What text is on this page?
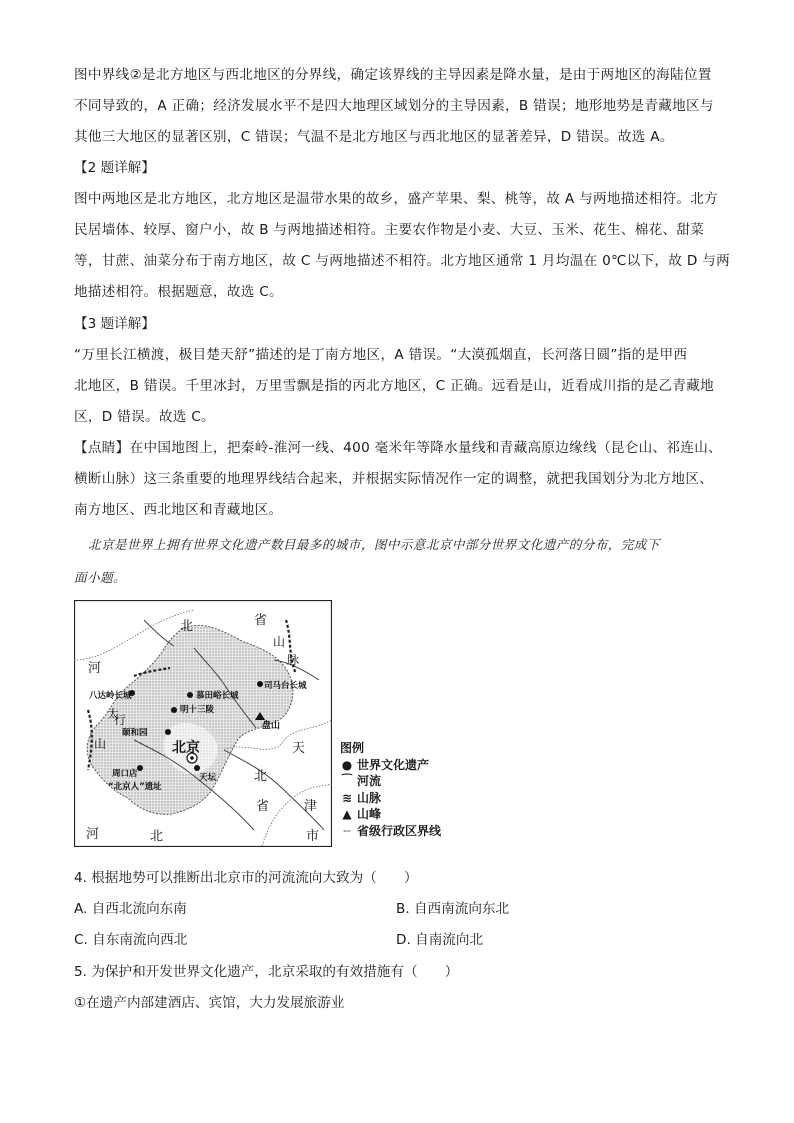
图中界线②是北方地区与西北地区的分界线，确定该界线的主导因素是降水量，是由于两地区的海陆位置
不同导致的，A 正确；经济发展水平不是四大地理区域划分的主导因素，B 错误；地形地势是青藏地区与
其他三大地区的显著区别，C 错误；气温不是北方地区与西北地区的显著差异，D 错误。故选 A。
【2 题详解】
图中两地区是北方地区，北方地区是温带水果的故乡，盛产苹果、梨、桃等，故 A 与两地描述相符。北方
民居墙体、较厚、窗户小，故 B 与两地描述相符。主要农作物是小麦、大豆、玉米、花生、棉花、甜菜
等，甘蔗、油菜分布于南方地区，故 C 与两地描述不相符。北方地区通常 1 月均温在 0℃以下，故 D 与两
地描述相符。根据题意，故选 C。
【3 题详解】
“万里长江横渡，极目楚天舒”描述的是丁南方地区，A 错误。“大漠孤烟直，长河落日圆”指的是甲西
北地区，B 错误。千里冰封，万里雪飘是指的丙北方地区，C 正确。远看是山，近看成川指的是乙青藏地
区，D 错误。故选 C。
【点睛】在中国地图上，把秦岭-淮河一线、400 毫米年等降水量线和青藏高原边缘线（昆仑山、祁连山、
横断山脉）这三条重要的地理界线结合起来，并根据实际情况作一定的调整，就把我国划分为北方地区、
南方地区、西北地区和青藏地区。
北京是世界上拥有世界文化遗产数目最多的城市，图中示意北京中部分世界文化遗产的分布，完成下
面小题。
河
北	省
山
脉
八达岭长城	慕田峪长城
司马台长城
明十三陵
颐和园
北京
天坛
周口店
“北京人”遗址
盘山
天
津
市
北
省
河	北
太
行
山	图例
● 世界文化遗产
⁀ 河流
≋ 山脉
▲ 山峰
┈ 省级行政区界线
4. 根据地势可以推断出北京市的河流流向大致为（　　）
A. 自西北流向东南	B. 自西南流向东北
C. 自东南流向西北	D. 自南流向北
5. 为保护和开发世界文化遗产，北京采取的有效措施有（　　）
①在遗产内部建酒店、宾馆，大力发展旅游业
